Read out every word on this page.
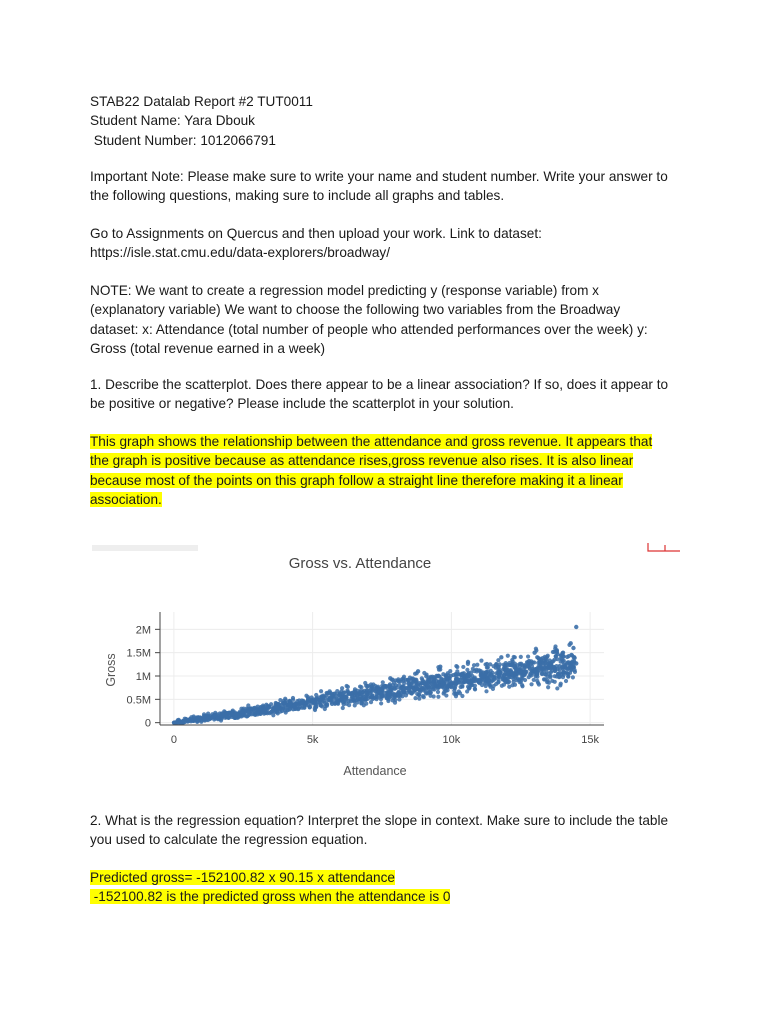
STAB22 Datalab Report #2 TUT0011
Student Name: Yara Dbouk
Student Number: 1012066791
Important Note: Please make sure to write your name and student number. Write your answer to
the following questions, making sure to include all graphs and tables.
Go to Assignments on Quercus and then upload your work. Link to dataset:
https://isle.stat.cmu.edu/data-explorers/broadway/
NOTE: We want to create a regression model predicting y (response variable) from x
(explanatory variable) We want to choose the following two variables from the Broadway
dataset: x: Attendance (total number of people who attended performances over the week) y:
Gross (total revenue earned in a week)
1. Describe the scatterplot. Does there appear to be a linear association? If so, does it appear to
be positive or negative? Please include the scatterplot in your solution.
This graph shows the relationship between the attendance and gross revenue. It appears that
the graph is positive because as attendance rises,gross revenue also rises. It is also linear
because most of the points on this graph follow a straight line therefore making it a linear
association.
Gross vs. Attendance
0	5k	10k	15k
0
0.5M
1M
1.5M
2M
Attendance
Gross
2. What is the regression equation? Interpret the slope in context. Make sure to include the table
you used to calculate the regression equation.
Predicted gross= -152100.82 x 90.15 x attendance
-152100.82 is the predicted gross when the attendance is 0
